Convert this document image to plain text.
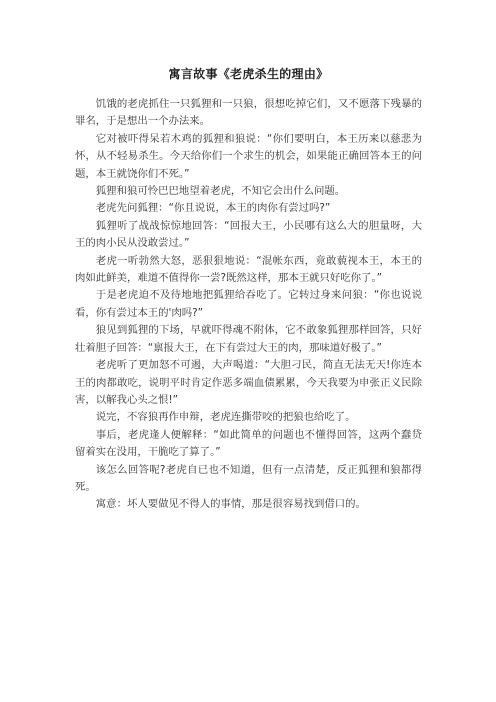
寓言故事《老虎杀生的理由》

饥饿的老虎抓住一只狐狸和一只狼，很想吃掉它们，又不愿落下残暴的罪名，于是想出一个办法来。

它对被吓得呆若木鸡的狐狸和狼说：“你们要明白，本王历来以慈悲为怀，从不轻易杀生。今天给你们一个求生的机会，如果能正确回答本王的问题，本王就饶你们不死。”

狐狸和狼可怜巴巴地望着老虎，不知它会出什么问题。

老虎先问狐狸：“你且说说，本王的肉你有尝过吗?”

狐狸听了战战惊惊地回答：“回报大王，小民哪有这么大的胆量呀，大王的肉小民从没敢尝过。”

老虎一听勃然大怒，恶狠狠地说：“混帐东西，竟敢藐视本王，本王的肉如此鲜美，难道不值得你一尝?既然这样，那本王就只好吃你了。”

于是老虎迫不及待地地把狐狸给吞吃了。它转过身来问狼：“你也说说看，你有尝过本王的'肉吗?”

狼见到狐狸的下场，早就吓得魂不附体，它不敢象狐狸那样回答，只好壮着胆子回答：“禀报大王，在下有尝过大王的肉，那味道好极了。”

老虎听了更加怒不可遏，大声喝道：“大胆刁民，简直无法无天!你连本王的肉都敢吃，说明平时肯定作恶多端血债累累，今天我要为申张正义民除害，以解我心头之恨!”

说完，不容狼再作申辩，老虎连撕带咬的把狼也给吃了。

事后，老虎逢人便解释：“如此简单的问题也不懂得回答，这两个蠢贷留着实在没用，干脆吃了算了。”

该怎么回答呢?老虎自已也不知道，但有一点清楚，反正狐狸和狼都得死。

寓意：坏人要做见不得人的事情，那是很容易找到借口的。
